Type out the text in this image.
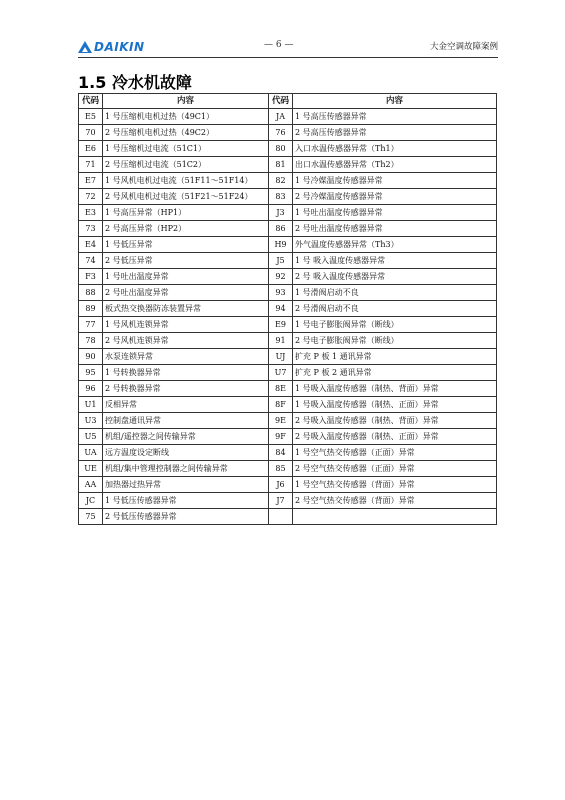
DAIKIN	— 6 —	大金空调故障案例
1.5 冷水机故障
代码	内容	代码	内容
E5	1 号压缩机电机过热（49C1）	JA	1 号高压传感器异常
70	2 号压缩机电机过热（49C2）	76	2 号高压传感器异常
E6	1 号压缩机过电流（51C1）	80	入口水温传感器异常（Th1）
71	2 号压缩机过电流（51C2）	81	出口水温传感器异常（Th2）
E7	1 号风机电机过电流（51F11～51F14）	82	1 号冷媒温度传感器异常
72	2 号风机电机过电流（51F21～51F24）	83	2 号冷媒温度传感器异常
E3	1 号高压异常（HP1）	J3	1 号吐出温度传感器异常
73	2 号高压异常（HP2）	86	2 号吐出温度传感器异常
E4	1 号低压异常	H9	外气温度传感器异常（Th3）
74	2 号低压异常	J5	1 号 吸入温度传感器异常
F3	1 号吐出温度异常	92	2 号 吸入温度传感器异常
88	2 号吐出温度异常	93	1 号滑阀启动不良
89	板式热交换器防冻装置异常	94	2 号滑阀启动不良
77	1 号风机连锁异常	E9	1 号电子膨胀阀异常（断线）
78	2 号风机连锁异常	91	2 号电子膨胀阀异常（断线）
90	水泵连锁异常	UJ	扩充 P 板 1 通讯异常
95	1 号转换器异常	U7	扩充 P 板 2 通讯异常
96	2 号转换器异常	8E	1 号吸入温度传感器（制热、背面）异常
U1	反相异常	8F	1 号吸入温度传感器（制热、正面）异常
U3	控制盘通讯异常	9E	2 号吸入温度传感器（制热、背面）异常
U5	机组/遥控器之间传输异常	9F	2 号吸入温度传感器（制热、正面）异常
UA	远方温度设定断线	84	1 号空气热交传感器（正面）异常
UE	机组/集中管理控制器之间传输异常	85	2 号空气热交传感器（正面）异常
AA	加热器过热异常	J6	1 号空气热交传感器（背面）异常
JC	1 号低压传感器异常	J7	2 号空气热交传感器（背面）异常
75	2 号低压传感器异常		
